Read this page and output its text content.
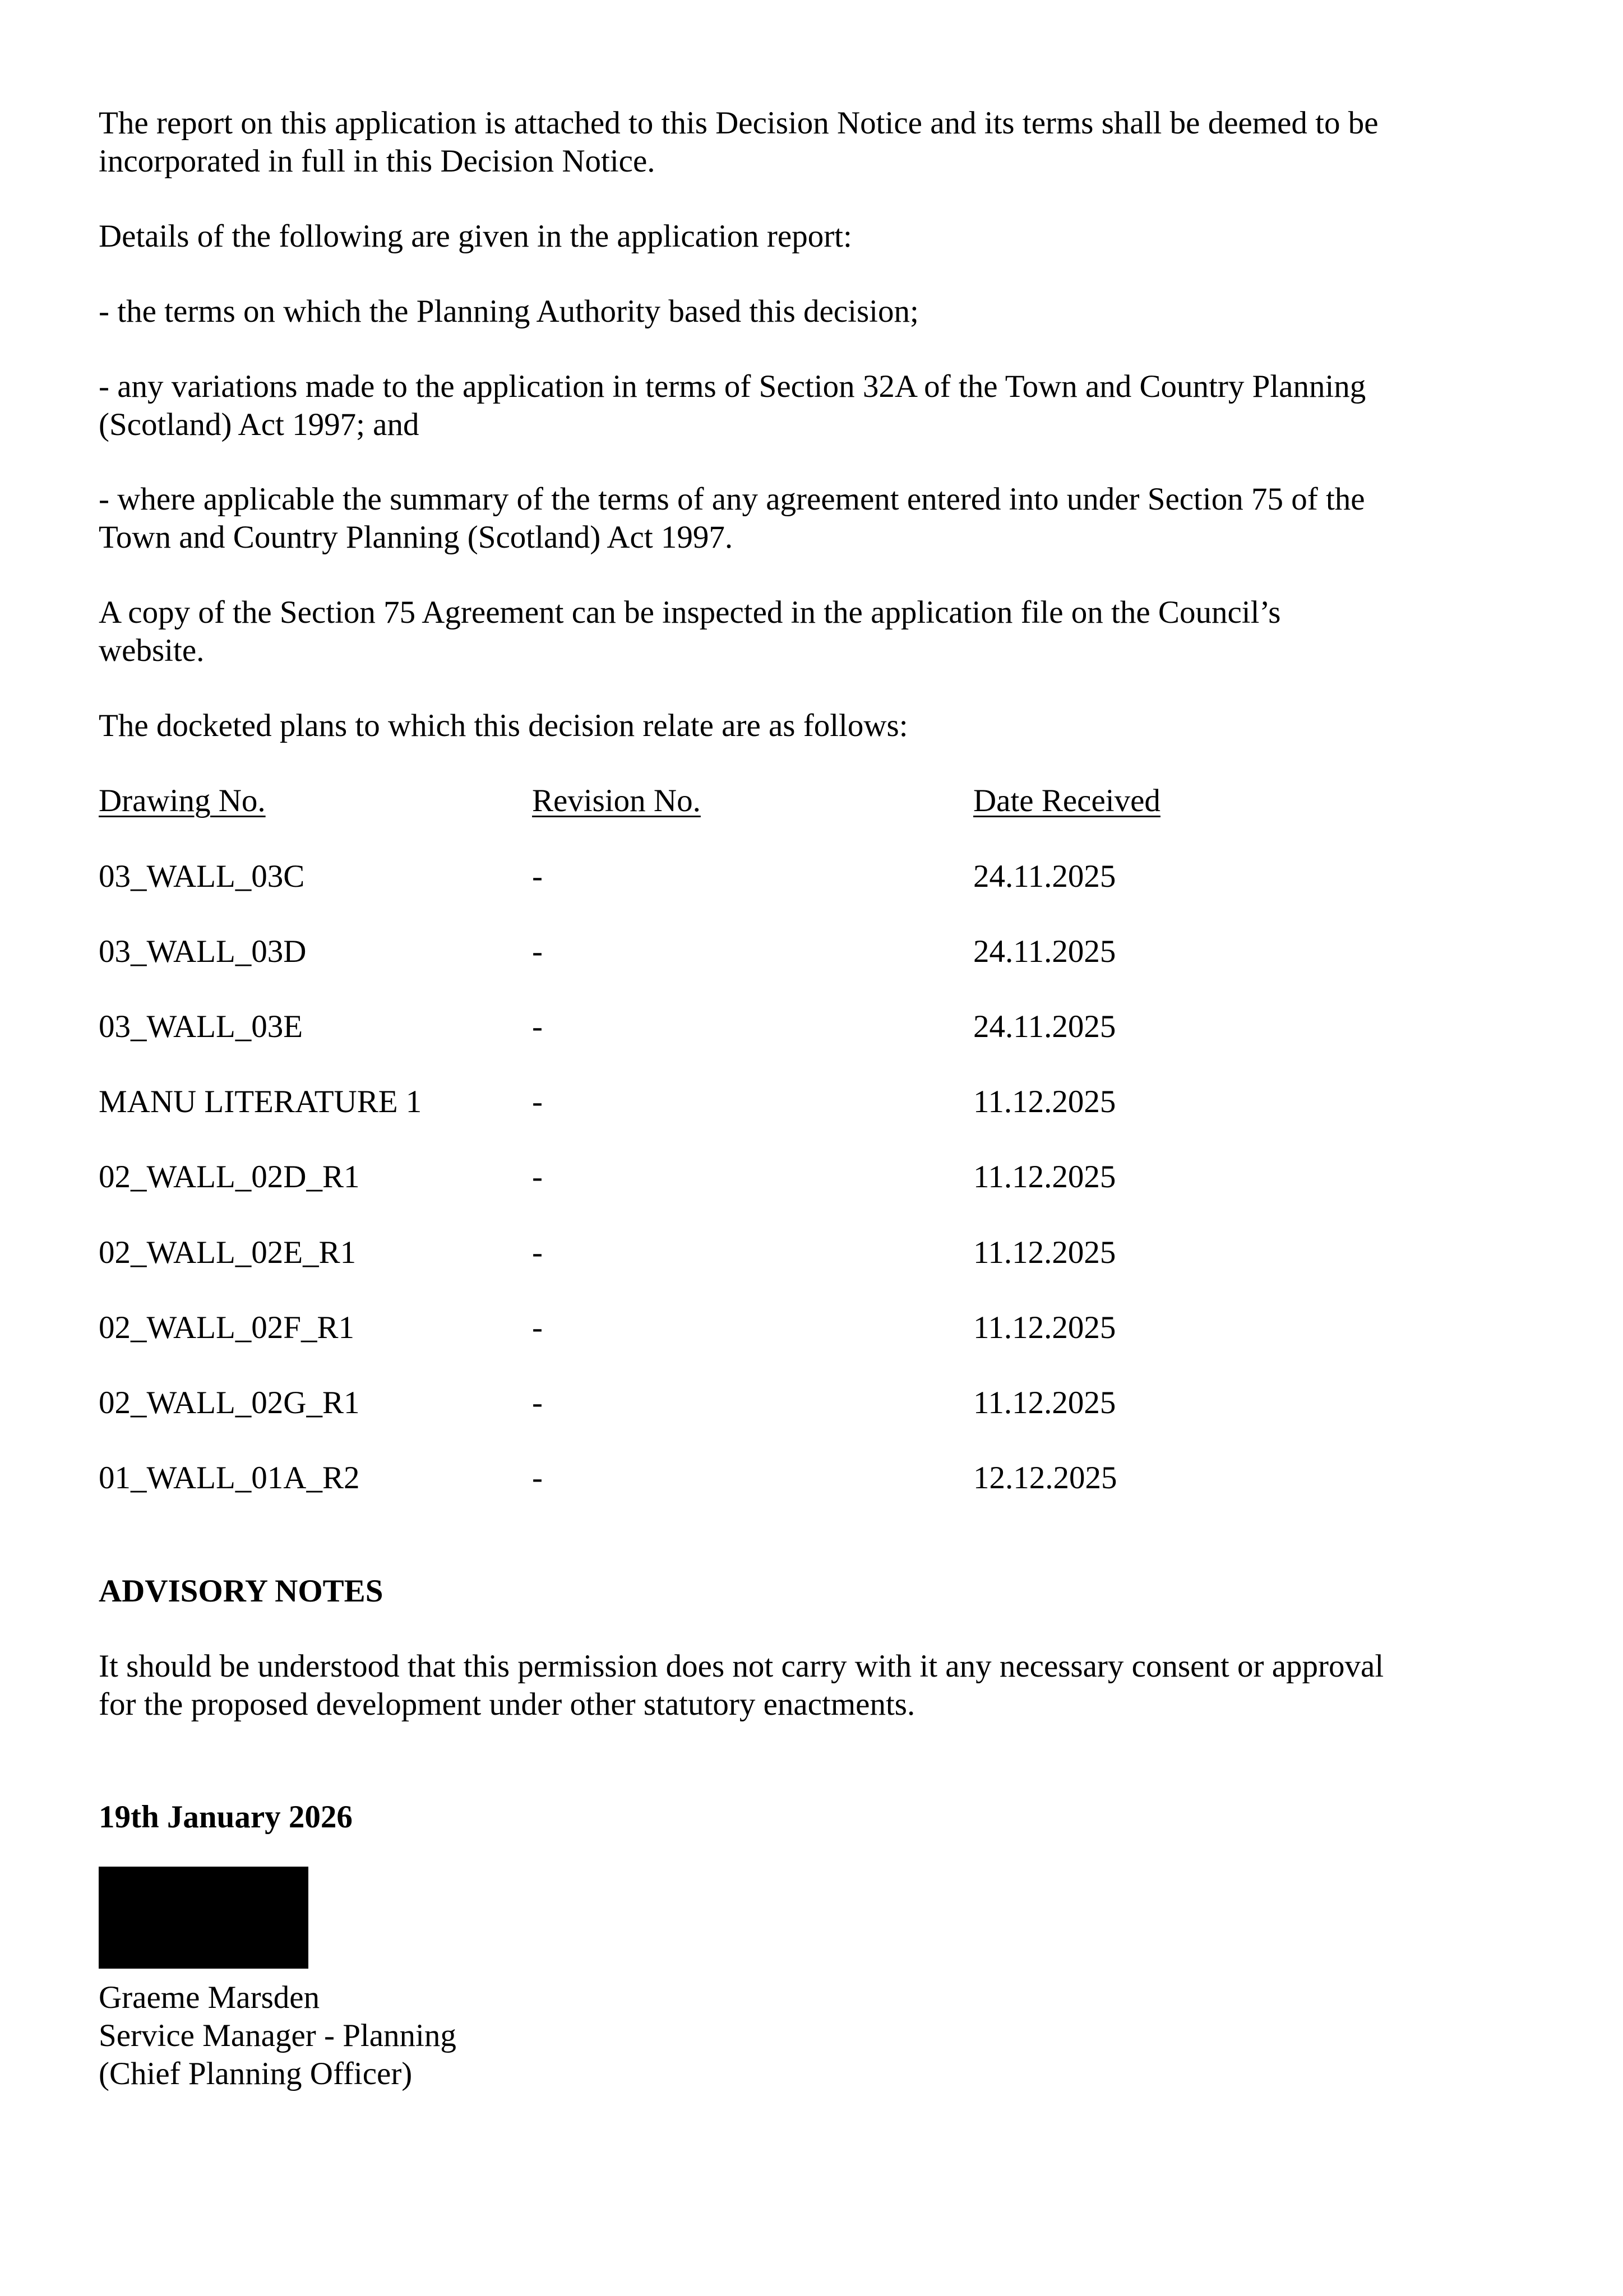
The report on this application is attached to this Decision Notice and its terms shall be deemed to be incorporated in full in this Decision Notice.

Details of the following are given in the application report:

- the terms on which the Planning Authority based this decision;

- any variations made to the application in terms of Section 32A of the Town and Country Planning (Scotland) Act 1997; and

- where applicable the summary of the terms of any agreement entered into under Section 75 of the Town and Country Planning (Scotland) Act 1997.

A copy of the Section 75 Agreement can be inspected in the application file on the Council’s website.

The docketed plans to which this decision relate are as follows:

Drawing No.	Revision No.	Date Received
03_WALL_03C	-	24.11.2025
03_WALL_03D	-	24.11.2025
03_WALL_03E	-	24.11.2025
MANU LITERATURE 1	-	11.12.2025
02_WALL_02D_R1	-	11.12.2025
02_WALL_02E_R1	-	11.12.2025
02_WALL_02F_R1	-	11.12.2025
02_WALL_02G_R1	-	11.12.2025
01_WALL_01A_R2	-	12.12.2025

ADVISORY NOTES

It should be understood that this permission does not carry with it any necessary consent or approval for the proposed development under other statutory enactments.

19th January 2026

Graeme Marsden
Service Manager - Planning
(Chief Planning Officer)
